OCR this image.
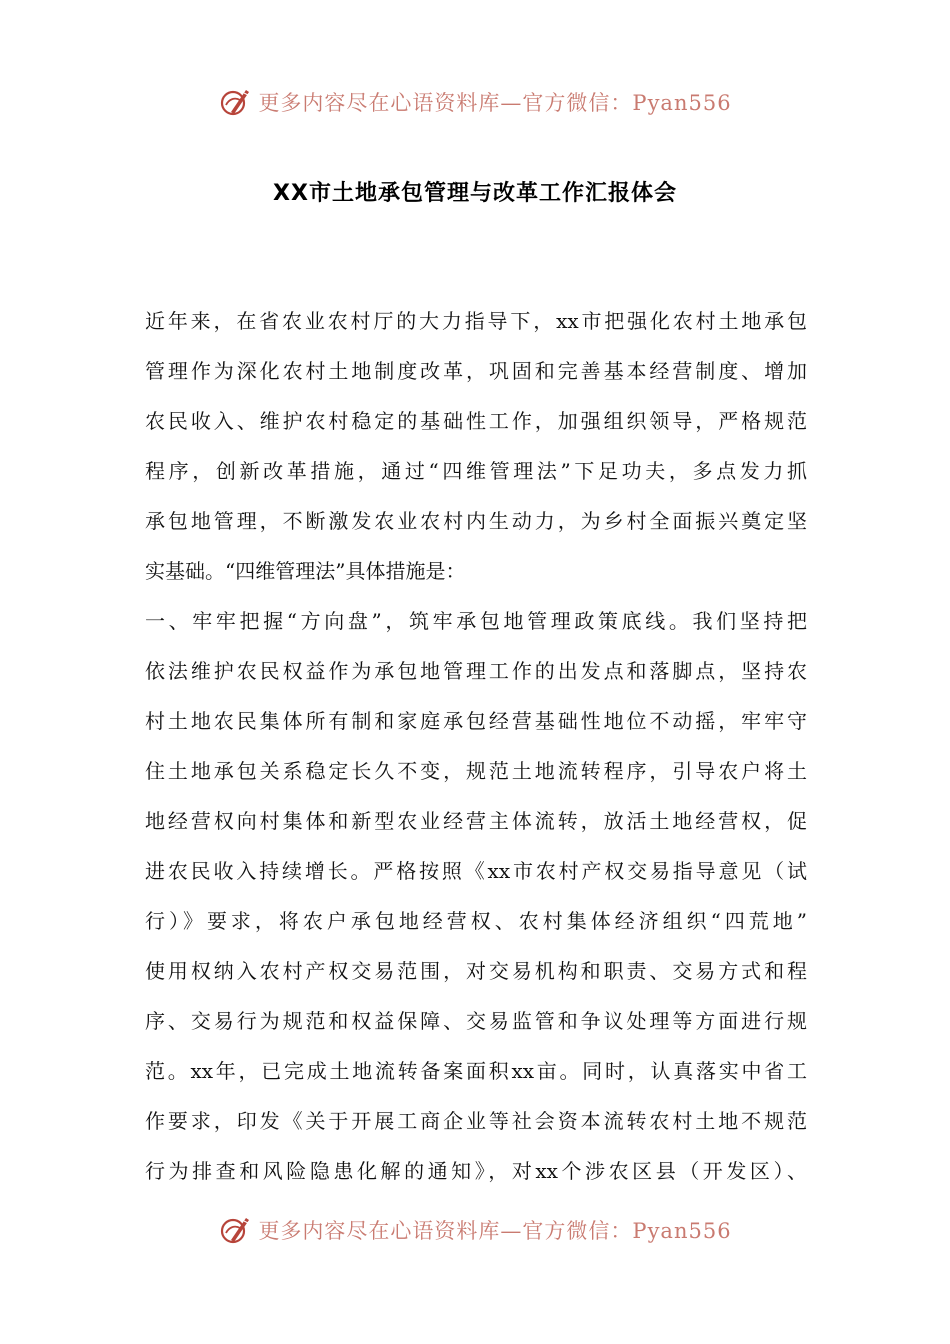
更多内容尽在心语资料库—官方微信：Pyan556
XX市土地承包管理与改革工作汇报体会
近年来，在省农业农村厅的大力指导下，xx市把强化农村土地承包
管理作为深化农村土地制度改革，巩固和完善基本经营制度、增加
农民收入、维护农村稳定的基础性工作，加强组织领导，严格规范
程序，创新改革措施，通过“四维管理法”下足功夫，多点发力抓
承包地管理，不断激发农业农村内生动力，为乡村全面振兴奠定坚
实基础。“四维管理法”具体措施是：
一、牢牢把握“方向盘”，筑牢承包地管理政策底线。我们坚持把
依法维护农民权益作为承包地管理工作的出发点和落脚点，坚持农
村土地农民集体所有制和家庭承包经营基础性地位不动摇，牢牢守
住土地承包关系稳定长久不变，规范土地流转程序，引导农户将土
地经营权向村集体和新型农业经营主体流转，放活土地经营权，促
进农民收入持续增长。严格按照《xx市农村产权交易指导意见（试
行）》要求，将农户承包地经营权、农村集体经济组织“四荒地”
使用权纳入农村产权交易范围，对交易机构和职责、交易方式和程
序、交易行为规范和权益保障、交易监管和争议处理等方面进行规
范。xx年，已完成土地流转备案面积xx亩。同时，认真落实中省工
作要求，印发《关于开展工商企业等社会资本流转农村土地不规范
行为排查和风险隐患化解的通知》，对xx个涉农区县（开发区）、
更多内容尽在心语资料库—官方微信：Pyan556
